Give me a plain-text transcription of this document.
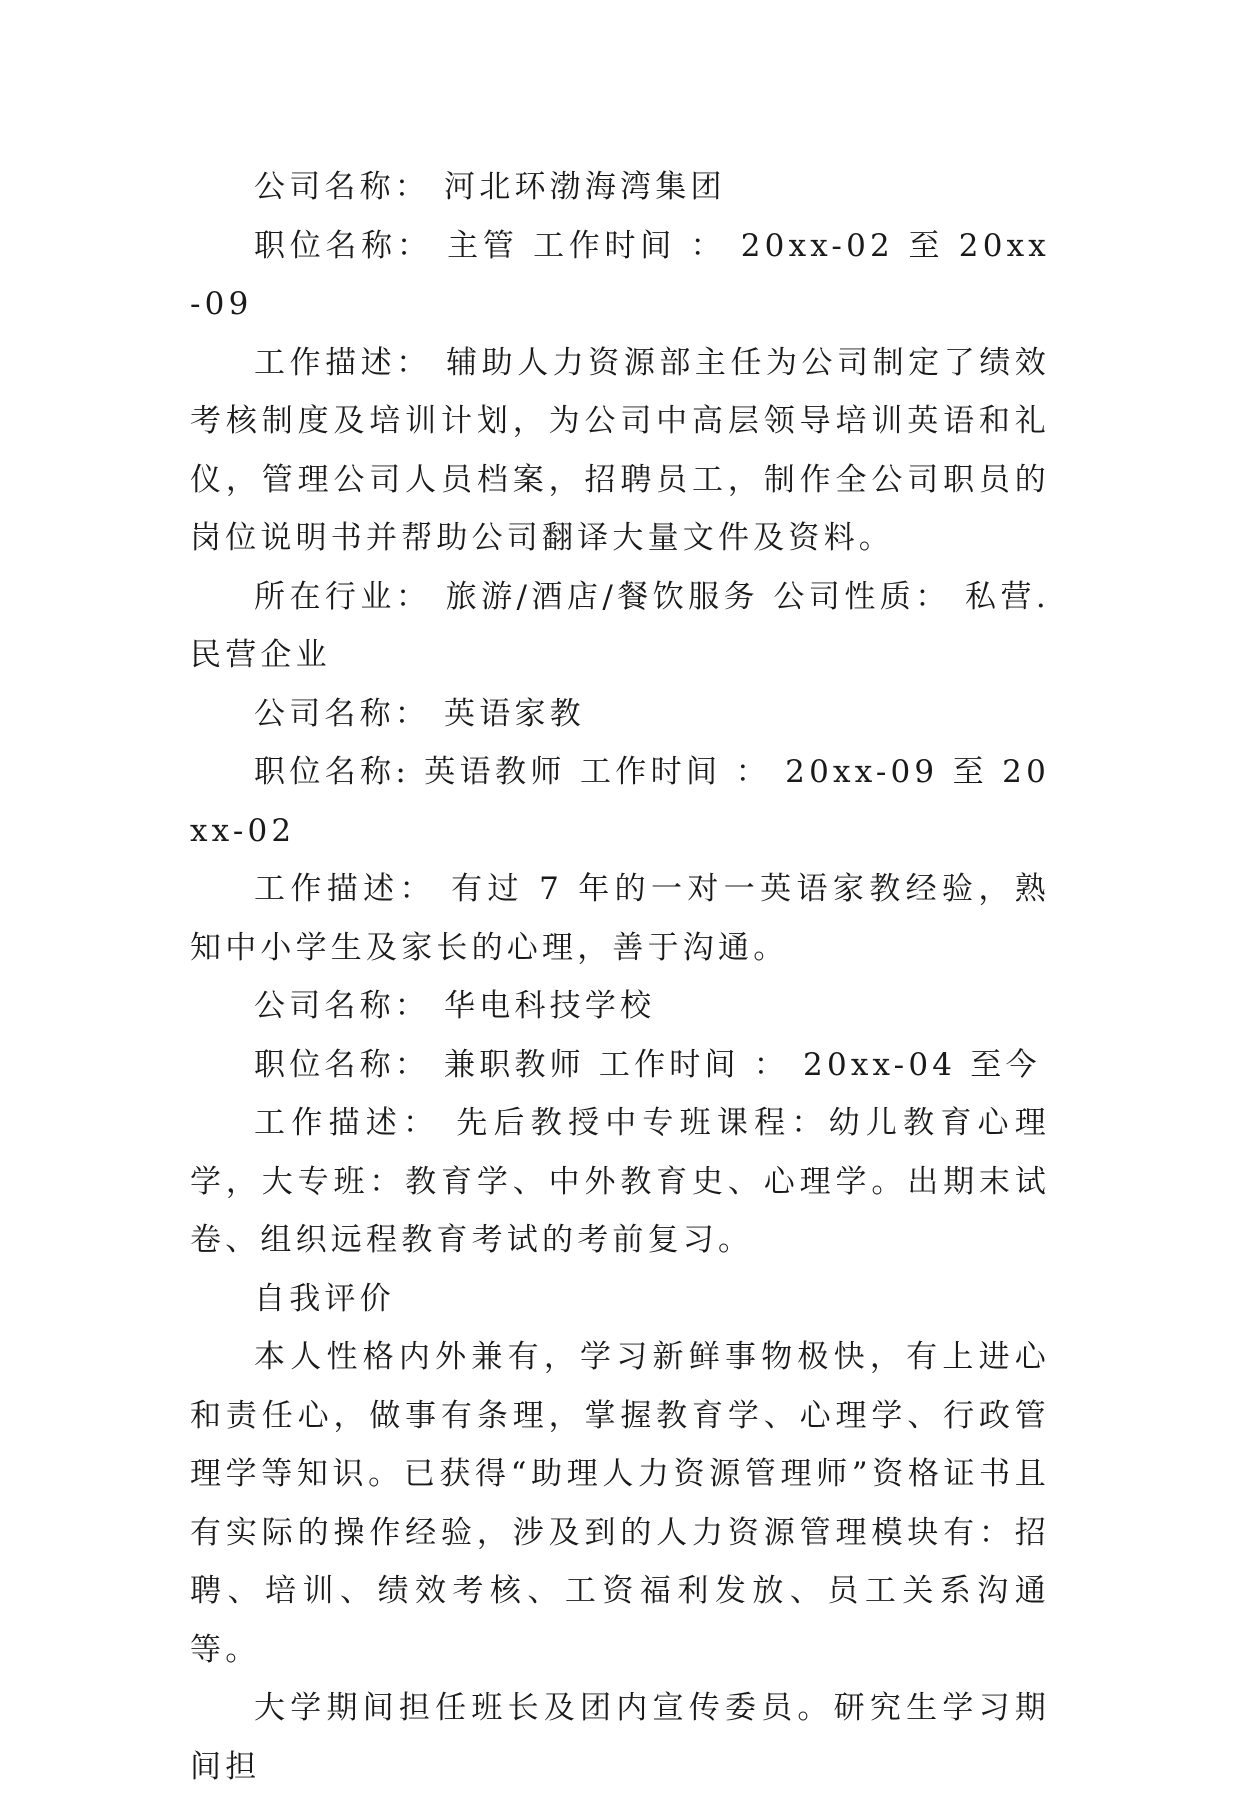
公司名称： 河北环渤海湾集团

职位名称： 主管 工作时间 ： 20xx-02 至 20xx-09

工作描述： 辅助人力资源部主任为公司制定了绩效考核制度及培训计划，为公司中高层领导培训英语和礼仪，管理公司人员档案，招聘员工，制作全公司职员的岗位说明书并帮助公司翻译大量文件及资料。

所在行业： 旅游/酒店/餐饮服务 公司性质： 私营.民营企业

公司名称： 英语家教

职位名称: 英语教师 工作时间 ： 20xx-09 至 20xx-02

工作描述： 有过 7 年的一对一英语家教经验，熟知中小学生及家长的心理，善于沟通。

公司名称： 华电科技学校

职位名称： 兼职教师 工作时间 ： 20xx-04 至今

工作描述： 先后教授中专班课程：幼儿教育心理学，大专班：教育学、中外教育史、心理学。出期末试卷、组织远程教育考试的考前复习。

自我评价

本人性格内外兼有，学习新鲜事物极快，有上进心和责任心，做事有条理，掌握教育学、心理学、行政管理学等知识。已获得“助理人力资源管理师”资格证书且有实际的操作经验，涉及到的人力资源管理模块有：招聘、培训、绩效考核、工资福利发放、员工关系沟通等。

大学期间担任班长及团内宣传委员。研究生学习期间担
